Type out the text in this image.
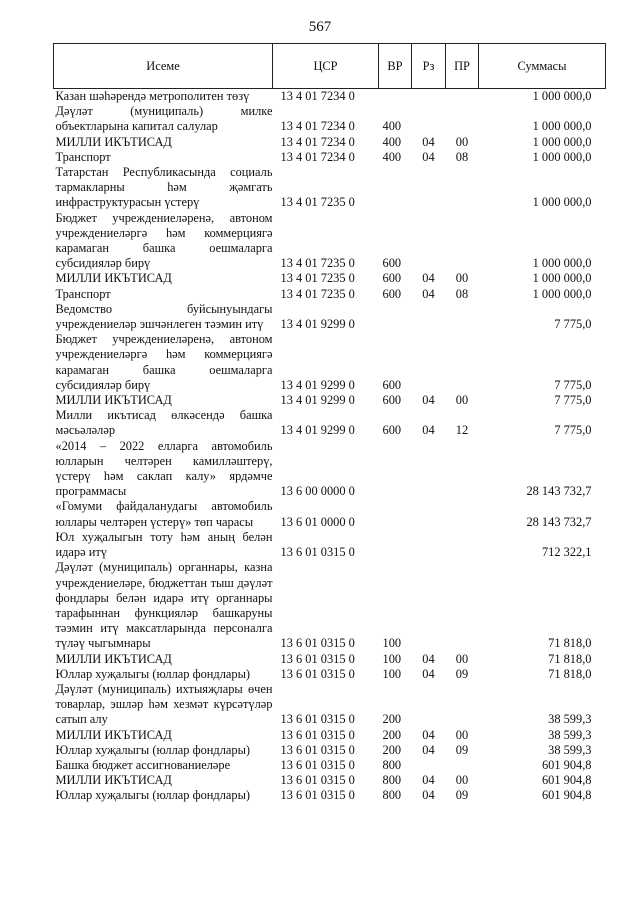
567
Исеме	ЦСР	ВР	Рз	ПР	Суммасы
Казан шәһәрендә метрополитен төзү	13 4 01 7234 0				1 000 000,0
Дәүләт (муниципаль) милке объектларына капитал салулар	13 4 01 7234 0	400			1 000 000,0
МИЛЛИ ИКЪТИСАД	13 4 01 7234 0	400	04	00	1 000 000,0
Транспорт	13 4 01 7234 0	400	04	08	1 000 000,0
Татарстан Республикасында социаль тармакларны һәм җәмгать инфраструктурасын үстерү	13 4 01 7235 0				1 000 000,0
Бюджет учреждениеләренә, автоном учреждениеләргә һәм коммерциягә карамаган башка оешмаларга субсидияләр бирү	13 4 01 7235 0	600			1 000 000,0
МИЛЛИ ИКЪТИСАД	13 4 01 7235 0	600	04	00	1 000 000,0
Транспорт	13 4 01 7235 0	600	04	08	1 000 000,0
Ведомство буйсынуындагы учреждениеләр эшчәнлеген тәэмин итү	13 4 01 9299 0				7 775,0
Бюджет учреждениеләренә, автоном учреждениеләргә һәм коммерциягә карамаган башка оешмаларга субсидияләр бирү	13 4 01 9299 0	600			7 775,0
МИЛЛИ ИКЪТИСАД	13 4 01 9299 0	600	04	00	7 775,0
Милли икътисад өлкәсендә башка мәсьәләләр	13 4 01 9299 0	600	04	12	7 775,0
«2014 – 2022 елларга автомобиль юлларын челтәрен камилләштерү, үстерү һәм саклап калу» ярдәмче программасы	13 6 00 0000 0				28 143 732,7
«Гомуми файдаланудагы автомобиль юллары челтәрен үстерү» төп чарасы	13 6 01 0000 0				28 143 732,7
Юл хуҗалыгын тоту һәм аның белән идарә итү	13 6 01 0315 0				712 322,1
Дәүләт (муниципаль) органнары, казна учреждениеләре, бюджеттан тыш дәүләт фондлары белән идарә итү органнары тарафыннан функцияләр башкаруны тәэмин итү максатларында персоналга түләү чыгымнары	13 6 01 0315 0	100			71 818,0
МИЛЛИ ИКЪТИСАД	13 6 01 0315 0	100	04	00	71 818,0
Юллар хуҗалыгы (юллар фондлары)	13 6 01 0315 0	100	04	09	71 818,0
Дәүләт (муниципаль) ихтыяҗлары өчен товарлар, эшләр һәм хезмәт күрсәтүләр сатып алу	13 6 01 0315 0	200			38 599,3
МИЛЛИ ИКЪТИСАД	13 6 01 0315 0	200	04	00	38 599,3
Юллар хуҗалыгы (юллар фондлары)	13 6 01 0315 0	200	04	09	38 599,3
Башка бюджет ассигнованиеләре	13 6 01 0315 0	800			601 904,8
МИЛЛИ ИКЪТИСАД	13 6 01 0315 0	800	04	00	601 904,8
Юллар хуҗалыгы (юллар фондлары)	13 6 01 0315 0	800	04	09	601 904,8
